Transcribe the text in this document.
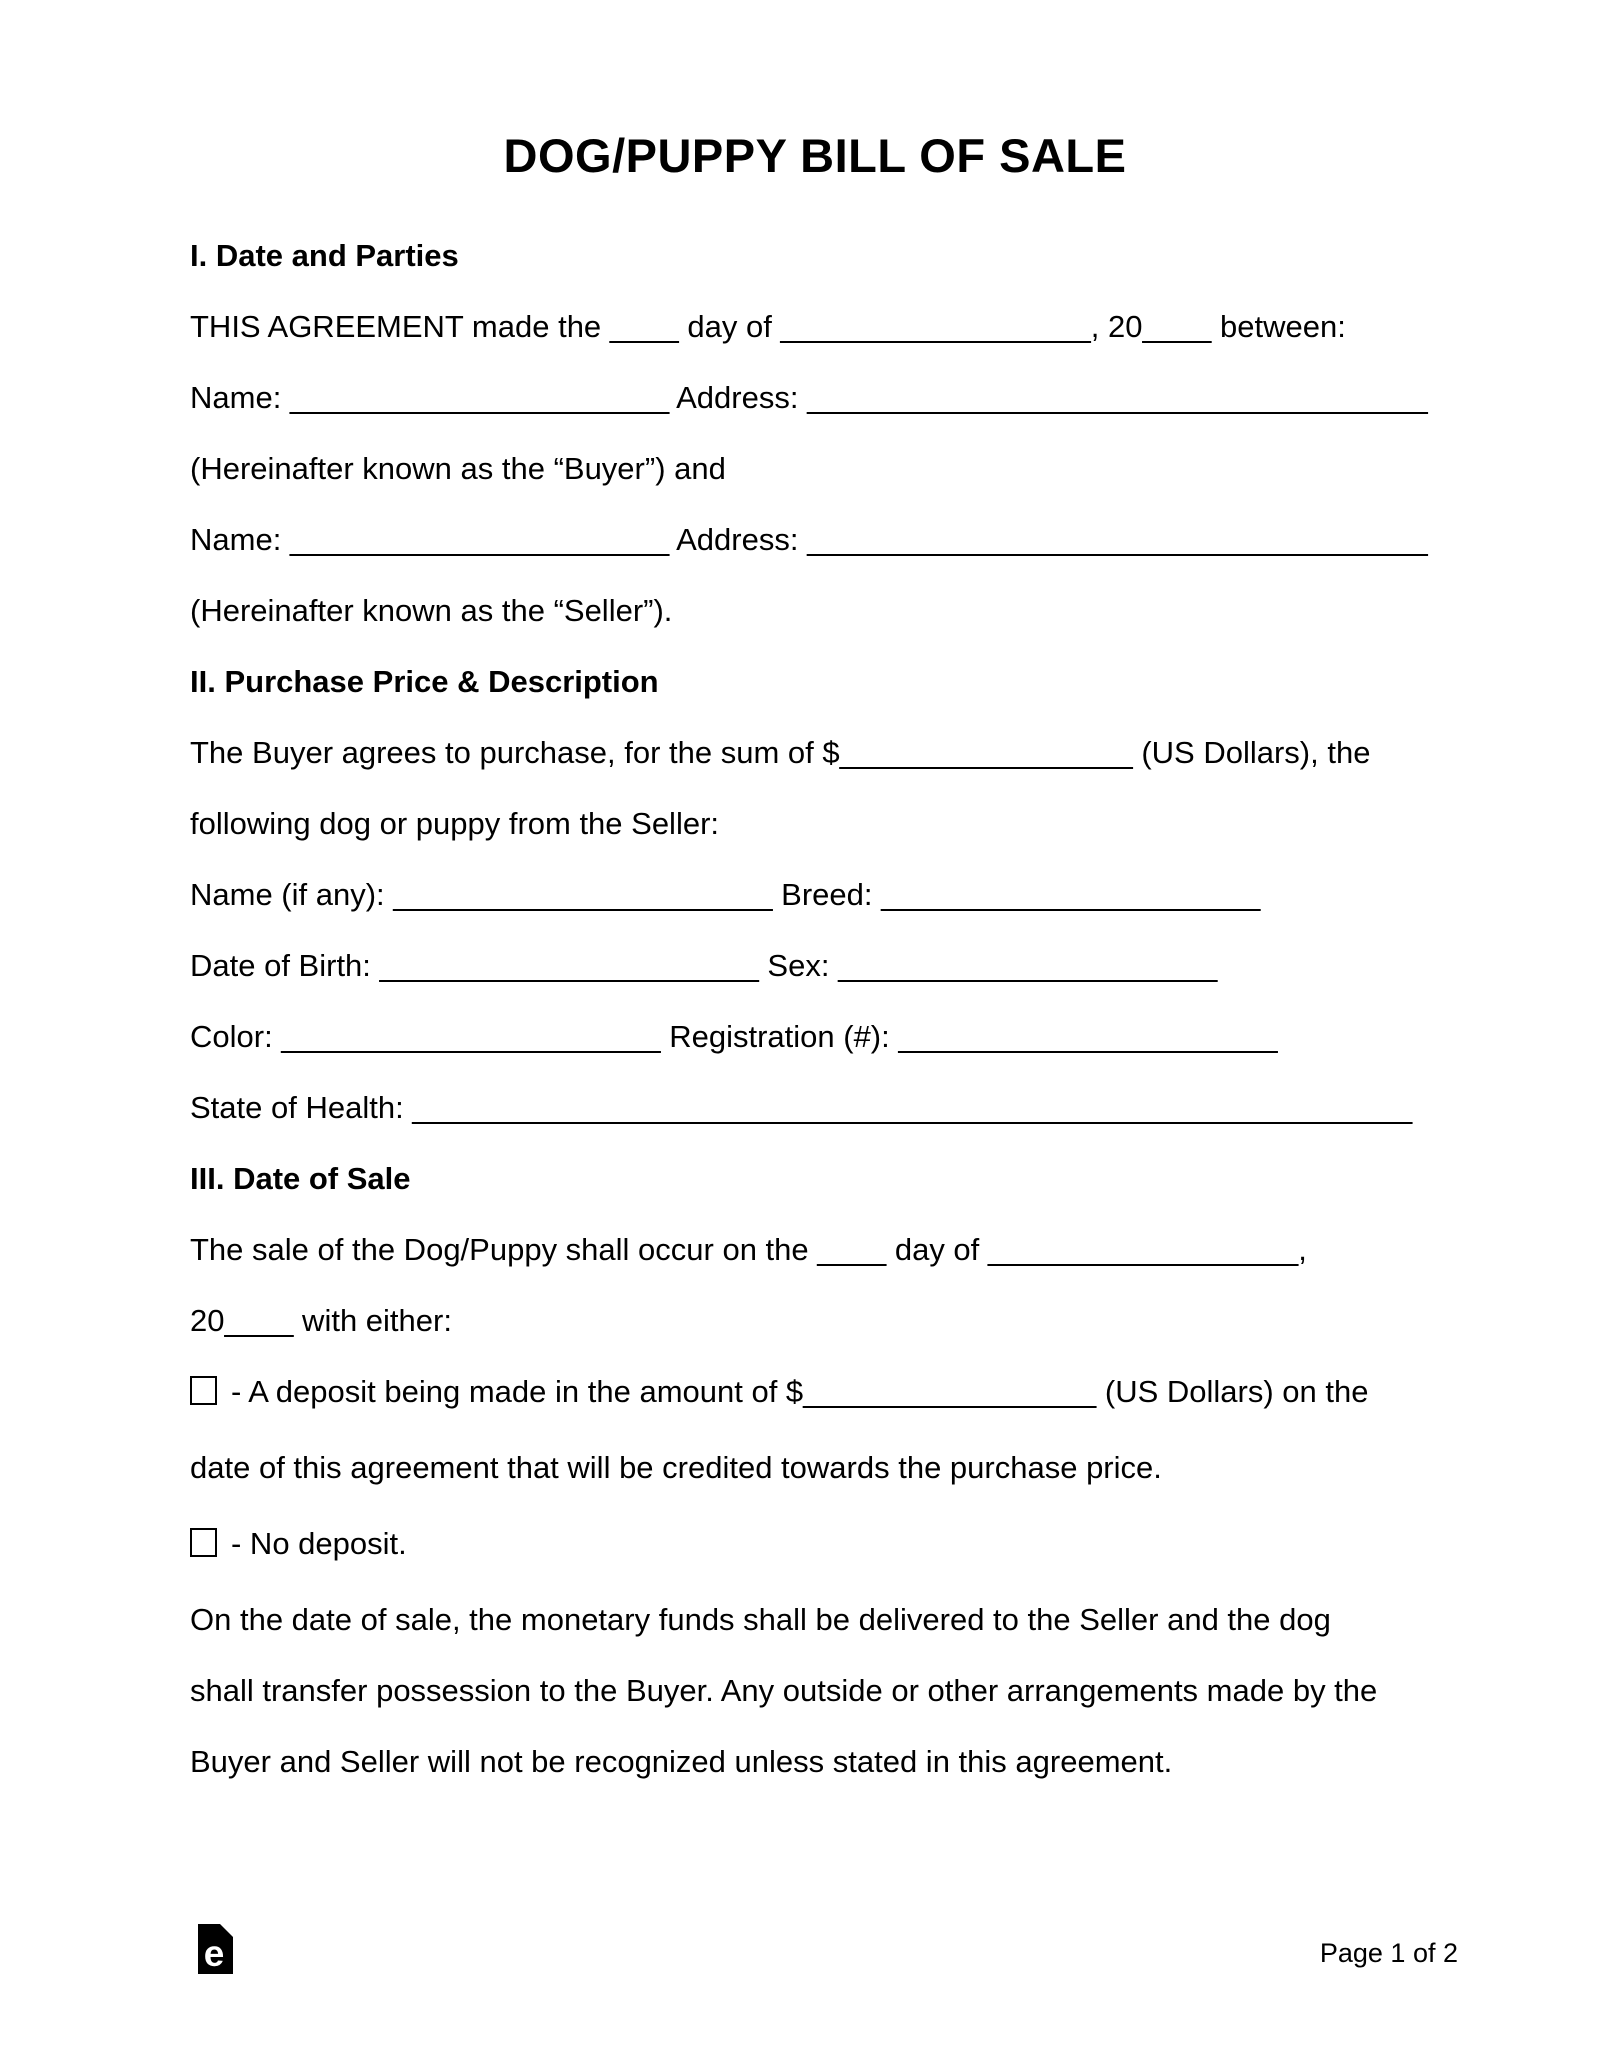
DOG/PUPPY BILL OF SALE
I. Date and Parties
THIS AGREEMENT made the ____ day of __________________, 20____ between:
Name: ______________________ Address: ____________________________________
(Hereinafter known as the “Buyer”) and
Name: ______________________ Address: ____________________________________
(Hereinafter known as the “Seller”).
II. Purchase Price & Description
The Buyer agrees to purchase, for the sum of $_________________ (US Dollars), the
following dog or puppy from the Seller:
Name (if any): ______________________ Breed: ______________________
Date of Birth: ______________________ Sex: ______________________
Color: ______________________ Registration (#): ______________________
State of Health: __________________________________________________________
III. Date of Sale
The sale of the Dog/Puppy shall occur on the ____ day of __________________,
20____ with either:
- A deposit being made in the amount of $_________________ (US Dollars) on the
date of this agreement that will be credited towards the purchase price.
- No deposit.
On the date of sale, the monetary funds shall be delivered to the Seller and the dog
shall transfer possession to the Buyer. Any outside or other arrangements made by the
Buyer and Seller will not be recognized unless stated in this agreement.
e	Page 1 of 2
